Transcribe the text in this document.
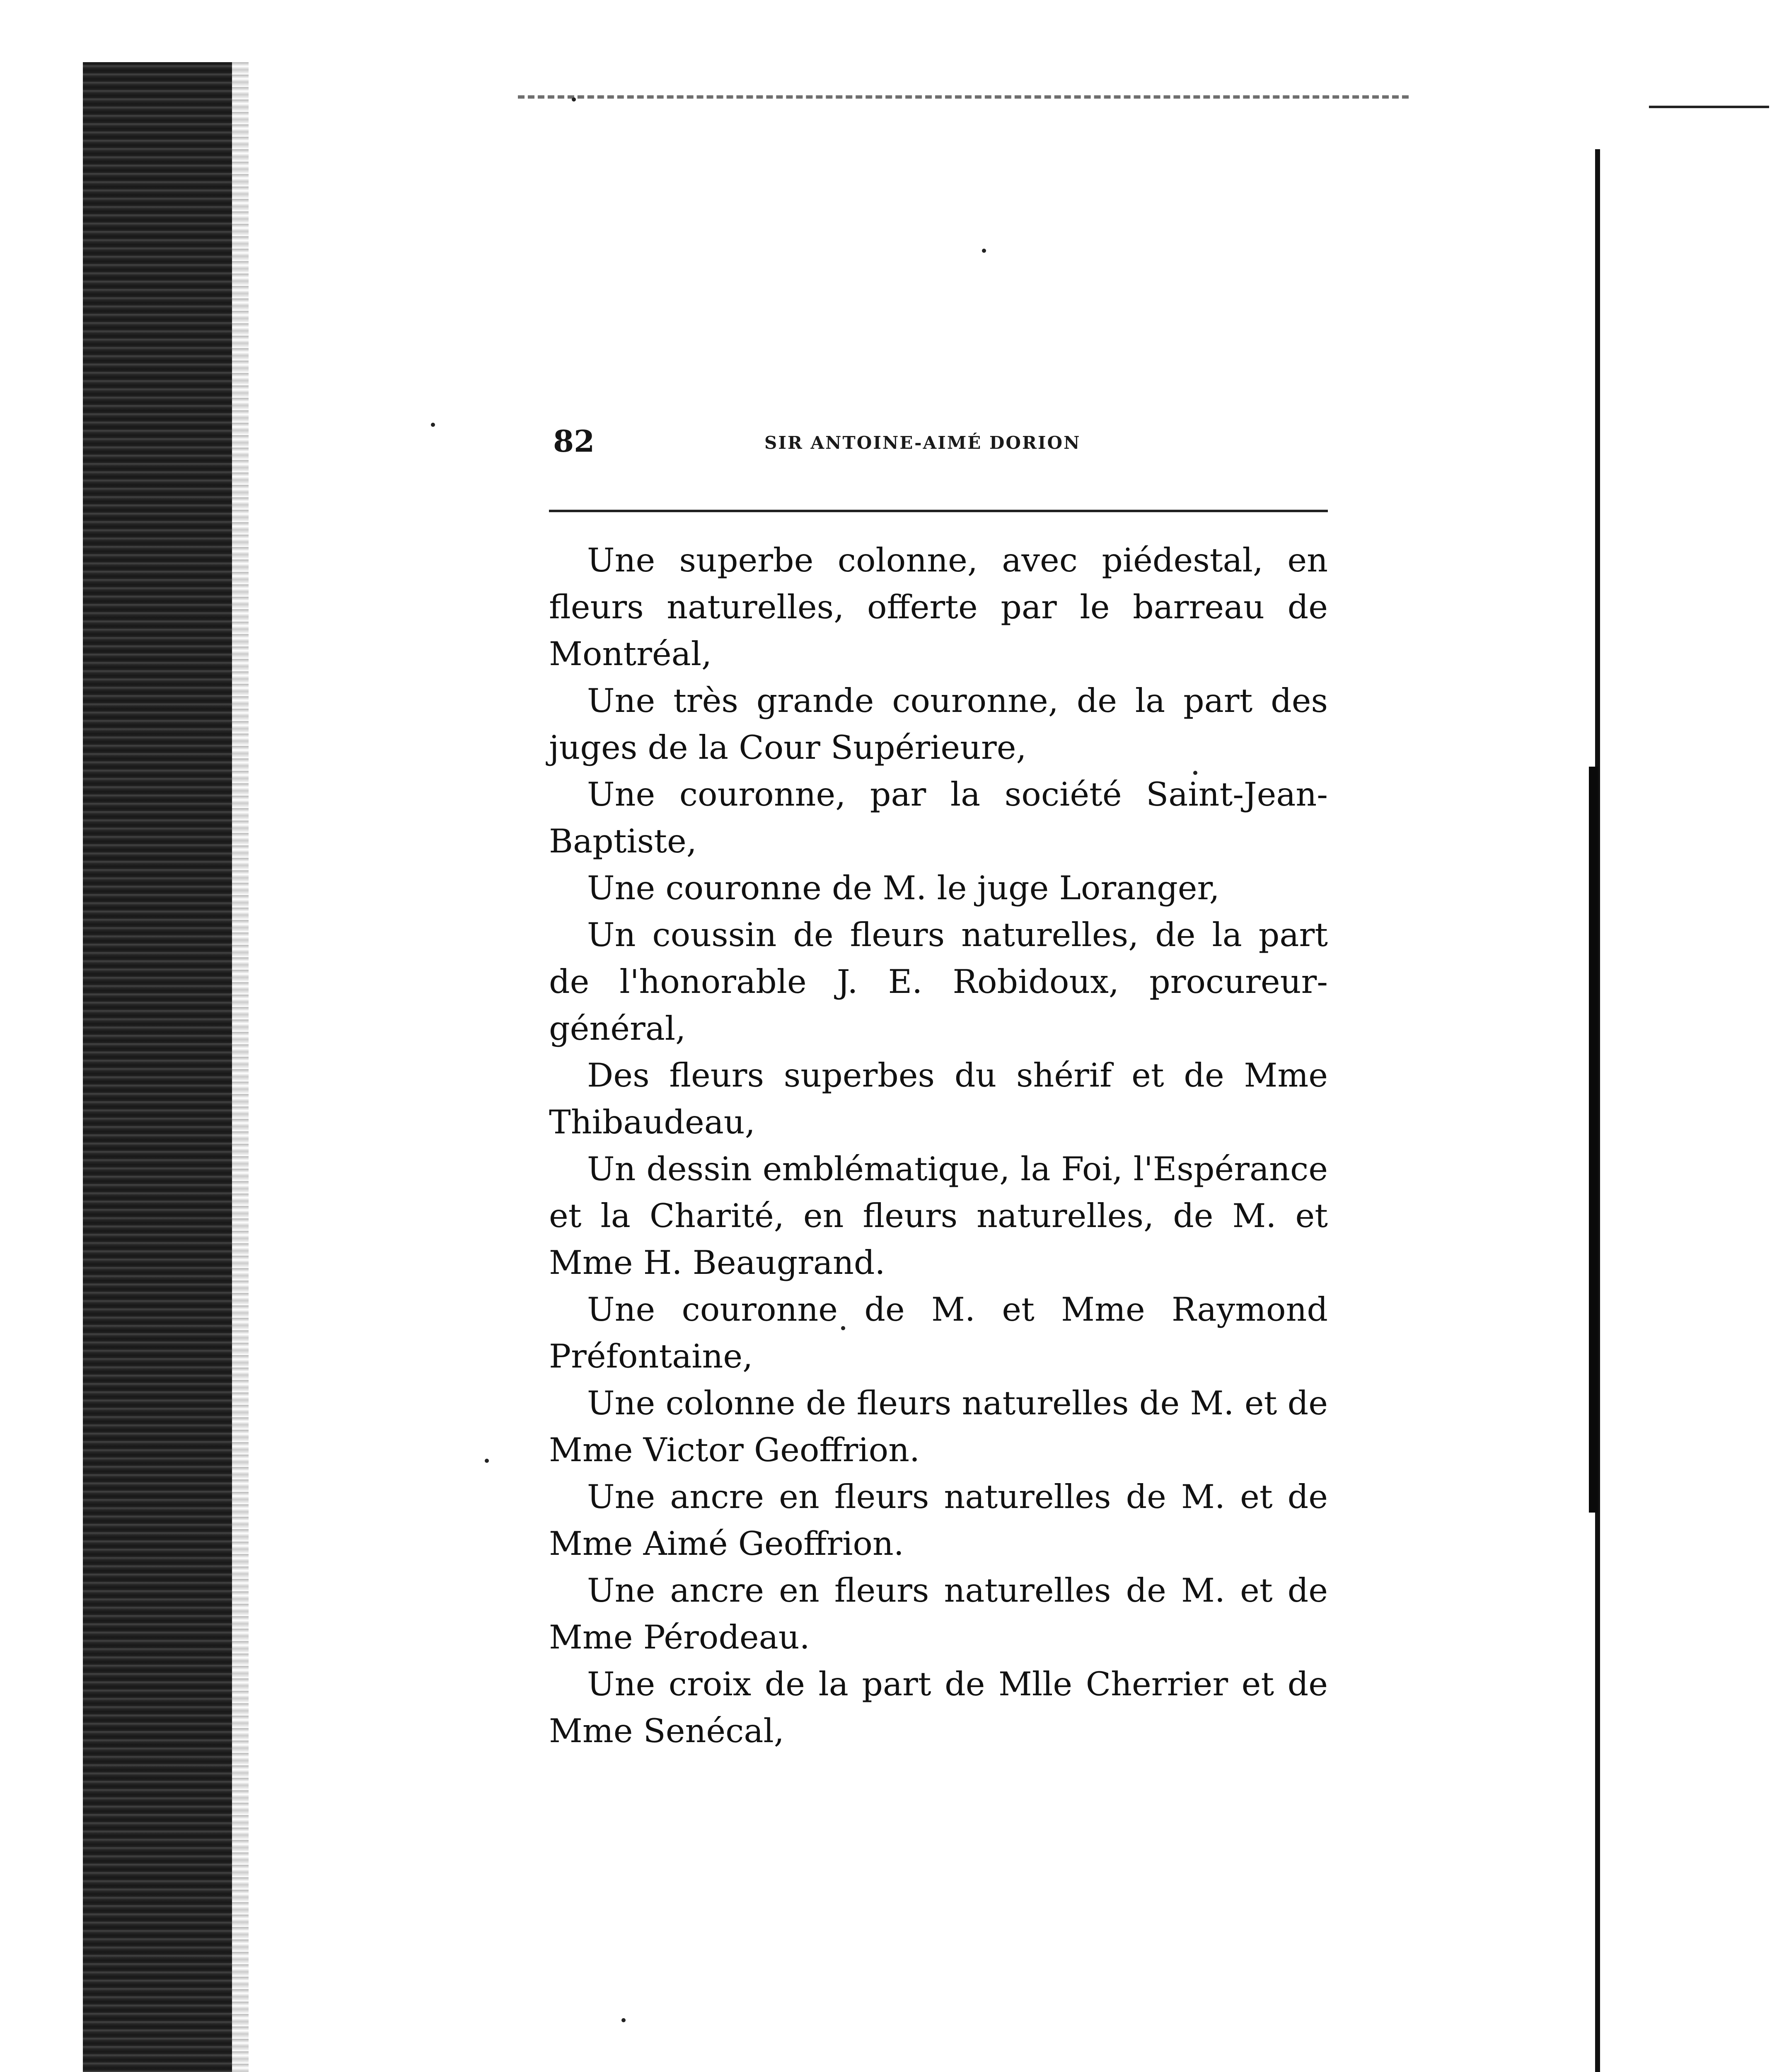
82	SIR ANTOINE-AIMÉ DORION

Une superbe colonne, avec piédestal, en fleurs naturelles, offerte par le barreau de Montréal,

Une très grande couronne, de la part des juges de la Cour Supérieure,

Une couronne, par la société Saint-Jean-Baptiste,

Une couronne de M. le juge Loranger,

Un coussin de fleurs naturelles, de la part de l'honorable J. E. Robidoux, procureur-général,

Des fleurs superbes du shérif et de Mme Thibaudeau,

Un dessin emblématique, la Foi, l'Espérance et la Charité, en fleurs naturelles, de M. et Mme H. Beaugrand.

Une couronne de M. et Mme Raymond Préfontaine,

Une colonne de fleurs naturelles de M. et de Mme Victor Geoffrion.

Une ancre en fleurs naturelles de M. et de Mme Aimé Geoffrion.

Une ancre en fleurs naturelles de M. et de Mme Pérodeau.

Une croix de la part de Mlle Cherrier et de Mme Senécal,
